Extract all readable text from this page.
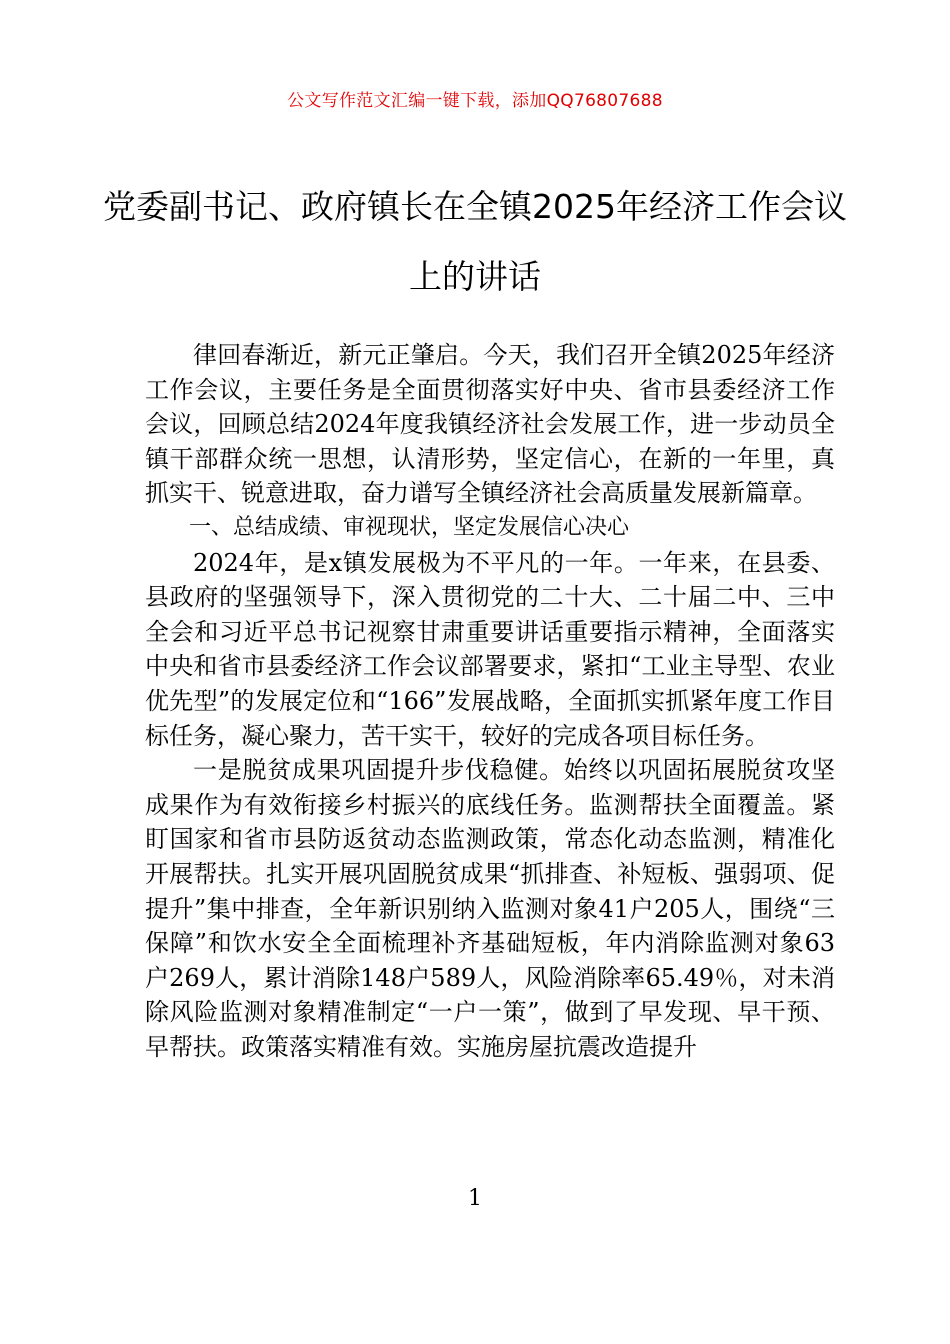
公文写作范文汇编一键下载，添加QQ76807688
党委副书记、政府镇长在全镇2025年经济工作会议上的讲话

律回春渐近，新元正肇启。今天，我们召开全镇2025年经济工作会议，主要任务是全面贯彻落实好中央、省市县委经济工作会议，回顾总结2024年度我镇经济社会发展工作，进一步动员全镇干部群众统一思想，认清形势，坚定信心，在新的一年里，真抓实干、锐意进取，奋力谱写全镇经济社会高质量发展新篇章。

一、总结成绩、审视现状，坚定发展信心决心

2024年，是x镇发展极为不平凡的一年。一年来，在县委、县政府的坚强领导下，深入贯彻党的二十大、二十届二中、三中全会和习近平总书记视察甘肃重要讲话重要指示精神，全面落实中央和省市县委经济工作会议部署要求，紧扣“工业主导型、农业优先型”的发展定位和“166”发展战略，全面抓实抓紧年度工作目标任务，凝心聚力，苦干实干，较好的完成各项目标任务。

一是脱贫成果巩固提升步伐稳健。始终以巩固拓展脱贫攻坚成果作为有效衔接乡村振兴的底线任务。监测帮扶全面覆盖。紧盯国家和省市县防返贫动态监测政策，常态化动态监测，精准化开展帮扶。扎实开展巩固脱贫成果“抓排查、补短板、强弱项、促提升”集中排查，全年新识别纳入监测对象41户205人，围绕“三保障”和饮水安全全面梳理补齐基础短板，年内消除监测对象63户269人，累计消除148户589人，风险消除率65.49％，对未消除风险监测对象精准制定“一户一策”，做到了早发现、早干预、早帮扶。政策落实精准有效。实施房屋抗震改造提升

1
